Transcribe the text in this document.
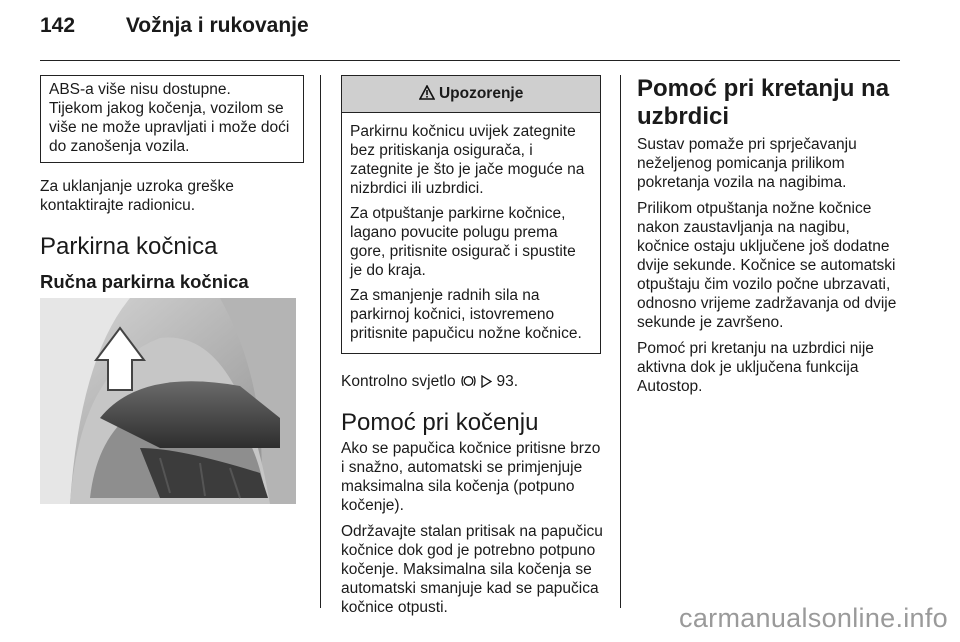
142 Vožnja i rukovanje
ABS-a više nisu dostupne.
Tijekom jakog kočenja, vozilom se više ne može upravljati i može doći do zanošenja vozila.

Za uklanjanje uzroka greške kontaktirajte radionicu.

Parkirna kočnica
Ručna parkirna kočnica
Upozorenje

Parkirnu kočnicu uvijek zategnite bez pritiskanja osigurača, i zategnite je što je jače moguće na nizbrdici ili uzbrdici.

Za otpuštanje parkirne kočnice, lagano povucite polugu prema gore, pritisnite osigurač i spustite je do kraja.

Za smanjenje radnih sila na parkirnoj kočnici, istovremeno pritisnite papučicu nožne kočnice.

Kontrolno svjetlo	93.

Pomoć pri kočenju

Ako se papučica kočnice pritisne brzo i snažno, automatski se primjenjuje maksimalna sila kočenja (potpuno kočenje).

Održavajte stalan pritisak na papučicu kočnice dok god je potrebno potpuno kočenje. Maksimalna sila kočenja se automatski smanjuje kad se papučica kočnice otpusti.

Pomoć pri kretanju na uzbrdici

Sustav pomaže pri sprječavanju neželjenog pomicanja prilikom pokretanja vozila na nagibima.

Prilikom otpuštanja nožne kočnice nakon zaustavljanja na nagibu, kočnice ostaju uključene još dodatne dvije sekunde. Kočnice se automatski otpuštaju čim vozilo počne ubrzavati, odnosno vrijeme zadržavanja od dvije sekunde je završeno.

Pomoć pri kretanju na uzbrdici nije aktivna dok je uključena funkcija Autostop.

carmanualsonline.info
